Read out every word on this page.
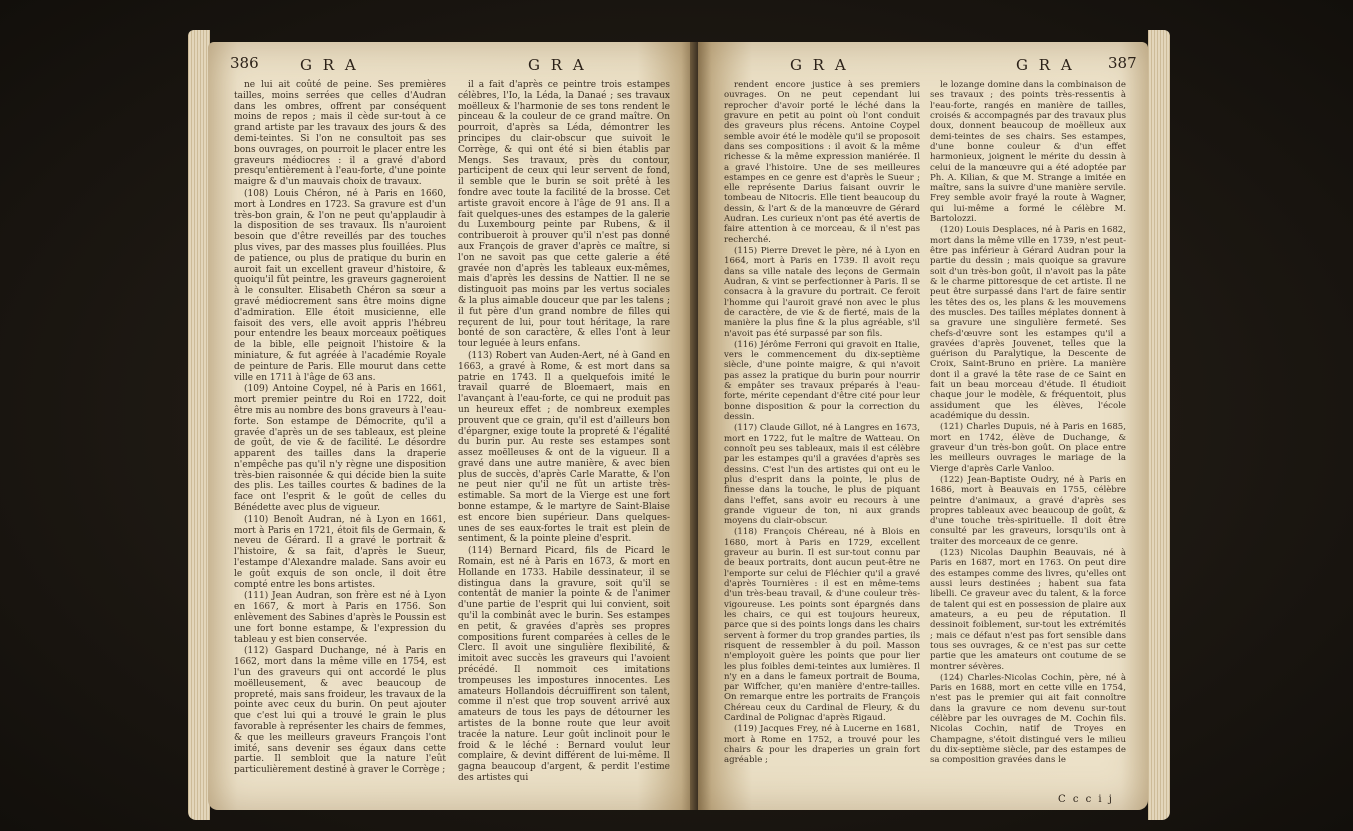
386	G R A	G R A

ne lui ait coûté de peine. Ses premières tailles, moins serrées que celles d'Audran dans les ombres, offrent par conséquent moins de repos ; mais il cède sur-tout à ce grand artiste par les travaux des jours & des demi-teintes. Si l'on ne consultoit pas ses bons ouvrages, on pourroit le placer entre les graveurs médiocres : il a gravé d'abord presqu'entièrement à l'eau-forte, d'une pointe maigre & d'un mauvais choix de travaux.

(108) Louis Chéron, né à Paris en 1660, mort à Londres en 1723. Sa gravure est d'un très-bon grain, & l'on ne peut qu'applaudir à la disposition de ses travaux. Ils n'auroient besoin que d'être reveillés par des touches plus vives, par des masses plus fouillées. Plus de patience, ou plus de pratique du burin en auroit fait un excellent graveur d'histoire, & quoiqu'il fût peintre, les graveurs gagneroient à le consulter. Elisabeth Chéron sa sœur a gravé médiocrement sans être moins digne d'admiration. Elle étoit musicienne, elle faisoit des vers, elle avoit appris l'hébreu pour entendre les beaux morceaux poëtiques de la bible, elle peignoit l'histoire & la miniature, & fut agréée à l'académie Royale de peinture de Paris. Elle mourut dans cette ville en 1711 à l'âge de 63 ans.

(109) Antoine Coypel, né à Paris en 1661, mort premier peintre du Roi en 1722, doit être mis au nombre des bons graveurs à l'eau-forte. Son estampe de Démocrite, qu'il a gravée d'après un de ses tableaux, est pleine de goût, de vie & de facilité. Le désordre apparent des tailles dans la draperie n'empêche pas qu'il n'y règne une disposition très-bien raisonnée & qui décide bien la suite des plis. Les tailles courtes & badines de la face ont l'esprit & le goût de celles du Bénédette avec plus de vigueur.

(110) Benoît Audran, né à Lyon en 1661, mort à Paris en 1721, étoit fils de Germain, & neveu de Gérard. Il a gravé le portrait & l'histoire, & sa fait, d'après le Sueur, l'estampe d'Alexandre malade. Sans avoir eu le goût exquis de son oncle, il doit être compté entre les bons artistes.

(111) Jean Audran, son frère est né à Lyon en 1667, & mort à Paris en 1756. Son enlèvement des Sabines d'après le Poussin est une fort bonne estampe, & l'expression du tableau y est bien conservée.

(112) Gaspard Duchange, né à Paris en 1662, mort dans la même ville en 1754, est l'un des graveurs qui ont accordé le plus moëlleusement, & avec beaucoup de propreté, mais sans froideur, les travaux de la pointe avec ceux du burin. On peut ajouter que c'est lui qui a trouvé le grain le plus favorable à représenter les chairs de femmes, & que les meilleurs graveurs François l'ont imité, sans devenir ses égaux dans cette partie. Il sembloit que la nature l'eût particulièrement destiné à graver le Corrège ;

il a fait d'après ce peintre trois estampes célèbres, l'Io, la Léda, la Danaé ; ses travaux moëlleux & l'harmonie de ses tons rendent le pinceau & la couleur de ce grand maître. On pourroit, d'après sa Léda, démontrer les principes du clair-obscur que suivoit le Corrège, & qui ont été si bien établis par Mengs. Ses travaux, près du contour, participent de ceux qui leur servent de fond, il semble que le burin se soit prêté à les fondre avec toute la facilité de la brosse. Cet artiste gravoit encore à l'âge de 91 ans. Il a fait quelques-unes des estampes de la galerie du Luxembourg peinte par Rubens, & il contribueroit à prouver qu'il n'est pas donné aux François de graver d'après ce maître, si l'on ne savoit pas que cette galerie a été gravée non d'après les tableaux eux-mêmes, mais d'après les dessins de Nattier. Il ne se distinguoit pas moins par les vertus sociales & la plus aimable douceur que par les talens ; il fut père d'un grand nombre de filles qui reçurent de lui, pour tout héritage, la rare bonté de son caractère, & elles l'ont à leur tour leguée à leurs enfans.

(113) Robert van Auden-Aert, né à Gand en 1663, a gravé à Rome, & est mort dans sa patrie en 1743. Il a quelquefois imité le travail quarré de Bloemaert, mais en l'avançant à l'eau-forte, ce qui ne produit pas un heureux effet ; de nombreux exemples prouvent que ce grain, qu'il est d'ailleurs bon d'épargner, exige toute la propreté & l'égalité du burin pur. Au reste ses estampes sont assez moëlleuses & ont de la vigueur. Il a gravé dans une autre manière, & avec bien plus de succès, d'après Carle Maratte, & l'on ne peut nier qu'il ne fût un artiste très-estimable. Sa mort de la Vierge est une fort bonne estampe, & le martyre de Saint-Blaise est encore bien supérieur. Dans quelques-unes de ses eaux-fortes le trait est plein de sentiment, & la pointe pleine d'esprit.

(114) Bernard Picard, fils de Picard le Romain, est né à Paris en 1673, & mort en Hollande en 1733. Habile dessinateur, il se distingua dans la gravure, soit qu'il se contentât de manier la pointe & de l'animer d'une partie de l'esprit qui lui convient, soit qu'il la combinât avec le burin. Ses estampes en petit, & gravées d'après ses propres compositions furent comparées à celles de le Clerc. Il avoit une singulière flexibilité, & imitoit avec succès les graveurs qui l'avoient précédé. Il nommoit ces imitations trompeuses les impostures innocentes. Les amateurs Hollandois décruiffirent son talent, comme il n'est que trop souvent arrivé aux amateurs de tous les pays de détourner les artistes de la bonne route que leur avoit tracée la nature. Leur goût inclinoit pour le froid & le léché : Bernard voulut leur complaire, & devint différent de lui-même. Il gagna beaucoup d'argent, & perdit l'estime des artistes qui

G R A	G R A 387

rendent encore justice à ses premiers ouvrages. On ne peut cependant lui reprocher d'avoir porté le léché dans la gravure en petit au point où l'ont conduit des graveurs plus récens. Antoine Coypel semble avoir été le modèle qu'il se proposoit dans ses compositions : il avoit & la même richesse & la même expression maniérée. Il a gravé l'histoire. Une de ses meilleures estampes en ce genre est d'après le Sueur ; elle représente Darius faisant ouvrir le tombeau de Nitocris. Elle tient beaucoup du dessin, & l'art & de la manœuvre de Gérard Audran. Les curieux n'ont pas été avertis de faire attention à ce morceau, & il n'est pas recherché.

(115) Pierre Drevet le père, né à Lyon en 1664, mort à Paris en 1739. Il avoit reçu dans sa ville natale des leçons de Germain Audran, & vint se perfectionner à Paris. Il se consacra à la gravure du portrait. Ce feroit l'homme qui l'auroit gravé non avec le plus de caractère, de vie & de fierté, mais de la manière la plus fine & la plus agréable, s'il n'avoit pas été surpassé par son fils.

(116) Jérôme Ferroni qui gravoit en Italie, vers le commencement du dix-septième siècle, d'une pointe maigre, & qui n'avoit pas assez la pratique du burin pour nourrir & empâter ses travaux préparés à l'eau-forte, mérite cependant d'être cité pour leur bonne disposition & pour la correction du dessin.

(117) Claude Gillot, né à Langres en 1673, mort en 1722, fut le maître de Watteau. On connoît peu ses tableaux, mais il est célèbre par les estampes qu'il a gravées d'après ses dessins. C'est l'un des artistes qui ont eu le plus d'esprit dans la pointe, le plus de finesse dans la touche, le plus de piquant dans l'effet, sans avoir eu recours à une grande vigueur de ton, ni aux grands moyens du clair-obscur.

(118) François Chéreau, né à Blois en 1680, mort à Paris en 1729, excellent graveur au burin. Il est sur-tout connu par de beaux portraits, dont aucun peut-être ne l'emporte sur celui de Fléchier qu'il a gravé d'après Tournières : il est en même-tems d'un très-beau travail, & d'une couleur très-vigoureuse. Les points sont épargnés dans les chairs, ce qui est toujours heureux, parce que si des points longs dans les chairs servent à former du trop grandes parties, ils risquent de ressembler à du poil. Masson n'employoit guère les points que pour lier les plus foibles demi-teintes aux lumières. Il n'y en a dans le fameux portrait de Bouma, par Wiffcher, qu'en manière d'entre-tailles. On remarque entre les portraits de François Chéreau ceux du Cardinal de Fleury, & du Cardinal de Polignac d'après Rigaud.

(119) Jacques Frey, né à Lucerne en 1681, mort à Rome en 1752, a trouvé pour les chairs & pour les draperies un grain fort agréable ;

le lozange domine dans la combinaison de ses travaux ; des points très-ressentis à l'eau-forte, rangés en manière de tailles, croisés & accompagnés par des travaux plus doux, donnent beaucoup de moëlleux aux demi-teintes de ses chairs. Ses estampes, d'une bonne couleur & d'un effet harmonieux, joignent le mérite du dessin à celui de la manœuvre qui a été adoptée par Ph. A. Kilian, & que M. Strange a imitée en maître, sans la suivre d'une manière servile. Frey semble avoir frayé la route à Wagner, qui lui-même a formé le célèbre M. Bartolozzi.

(120) Louis Desplaces, né à Paris en 1682, mort dans la même ville en 1739, n'est peut-être pas inférieur à Gérard Audran pour la partie du dessin ; mais quoique sa gravure soit d'un très-bon goût, il n'avoit pas la pâte & le charme pittoresque de cet artiste. Il ne peut être surpassé dans l'art de faire sentir les têtes des os, les plans & les mouvemens des muscles. Des tailles méplates donnent à sa gravure une singulière fermeté. Ses chefs-d'œuvre sont les estampes qu'il a gravées d'après Jouvenet, telles que la guérison du Paralytique, la Descente de Croix, Saint-Bruno en prière. La manière dont il a gravé la tête rase de ce Saint en fait un beau morceau d'étude. Il étudioit chaque jour le modèle, & fréquentoit, plus assidument que les élèves, l'école académique du dessin.

(121) Charles Dupuis, né à Paris en 1685, mort en 1742, élève de Duchange, & graveur d'un très-bon goût. On place entre les meilleurs ouvrages le mariage de la Vierge d'après Carle Vanloo.

(122) Jean-Baptiste Oudry, né à Paris en 1686, mort à Beauvais en 1755, célèbre peintre d'animaux, a gravé d'après ses propres tableaux avec beaucoup de goût, & d'une touche très-spirituelle. Il doit être consulté par les graveurs, lorsqu'ils ont à traiter des morceaux de ce genre.

(123) Nicolas Dauphin Beauvais, né à Paris en 1687, mort en 1763. On peut dire des estampes comme des livres, qu'elles ont aussi leurs destinées ; habent sua fata libelli. Ce graveur avec du talent, & la force de talent qui est en possession de plaire aux amateurs, a eu peu de réputation. Il dessinoit foiblement, sur-tout les extrémités ; mais ce défaut n'est pas fort sensible dans tous ses ouvrages, & ce n'est pas sur cette partie que les amateurs ont coutume de se montrer sévères.

(124) Charles-Nicolas Cochin, père, né à Paris en 1688, mort en cette ville en 1754, n'est pas le premier qui ait fait connoître dans la gravure ce nom devenu sur-tout célèbre par les ouvrages de M. Cochin fils. Nicolas Cochin, natif de Troyes en Champagne, s'étoit distingué vers le milieu du dix-septième siècle, par des estampes de sa composition gravées dans le

C c c i j
